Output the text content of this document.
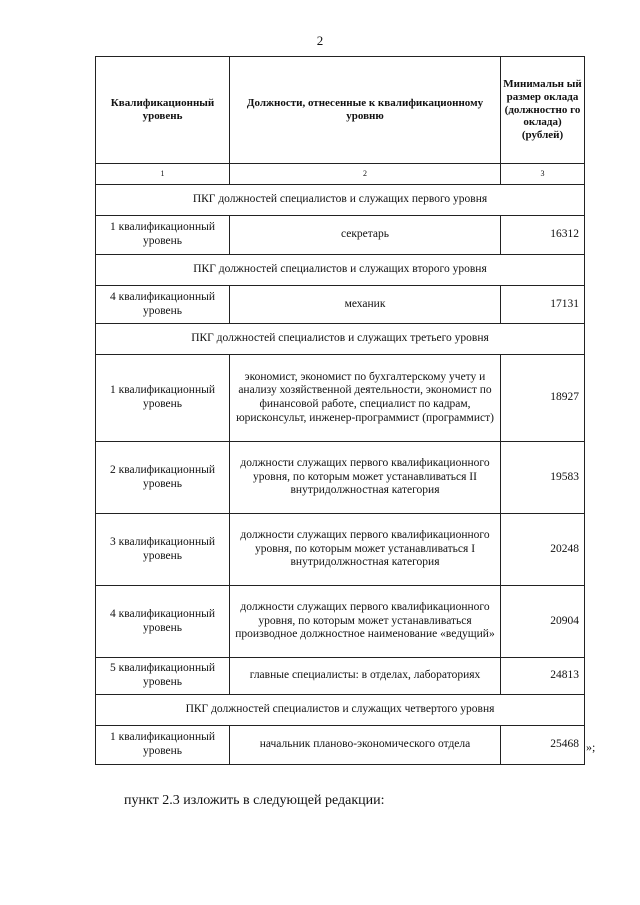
2
Квалификационный уровень	Должности, отнесенные к квалификационному уровню	Минимальн ый размер оклада (должностно го оклада) (рублей)
1	2	3
ПКГ должностей специалистов и служащих первого уровня		
1 квалификационный уровень	секретарь	16312
ПКГ должностей специалистов и служащих второго уровня		
4 квалификационный уровень	механик	17131
ПКГ должностей специалистов и служащих третьего уровня		
1 квалификационный уровень	экономист, экономист по бухгалтерскому учету и анализу хозяйственной деятельности, экономист по финансовой работе, специалист по кадрам, юрисконсульт, инженер-программист (программист)	18927
2 квалификационный уровень	должности служащих первого квалификационного уровня, по которым может устанавливаться II внутридолжностная категория	19583
3 квалификационный уровень	должности служащих первого квалификационного уровня, по которым может устанавливаться I внутридолжностная категория	20248
4 квалификационный уровень	должности служащих первого квалификационного уровня, по которым может устанавливаться производное должностное наименование «ведущий»	20904
5 квалификационный уровень	главные специалисты: в отделах, лабораториях	24813
ПКГ должностей специалистов и служащих четвертого уровня		
1 квалификационный уровень	начальник планово-экономического отдела	25468 »;
пункт 2.3 изложить в следующей редакции:
